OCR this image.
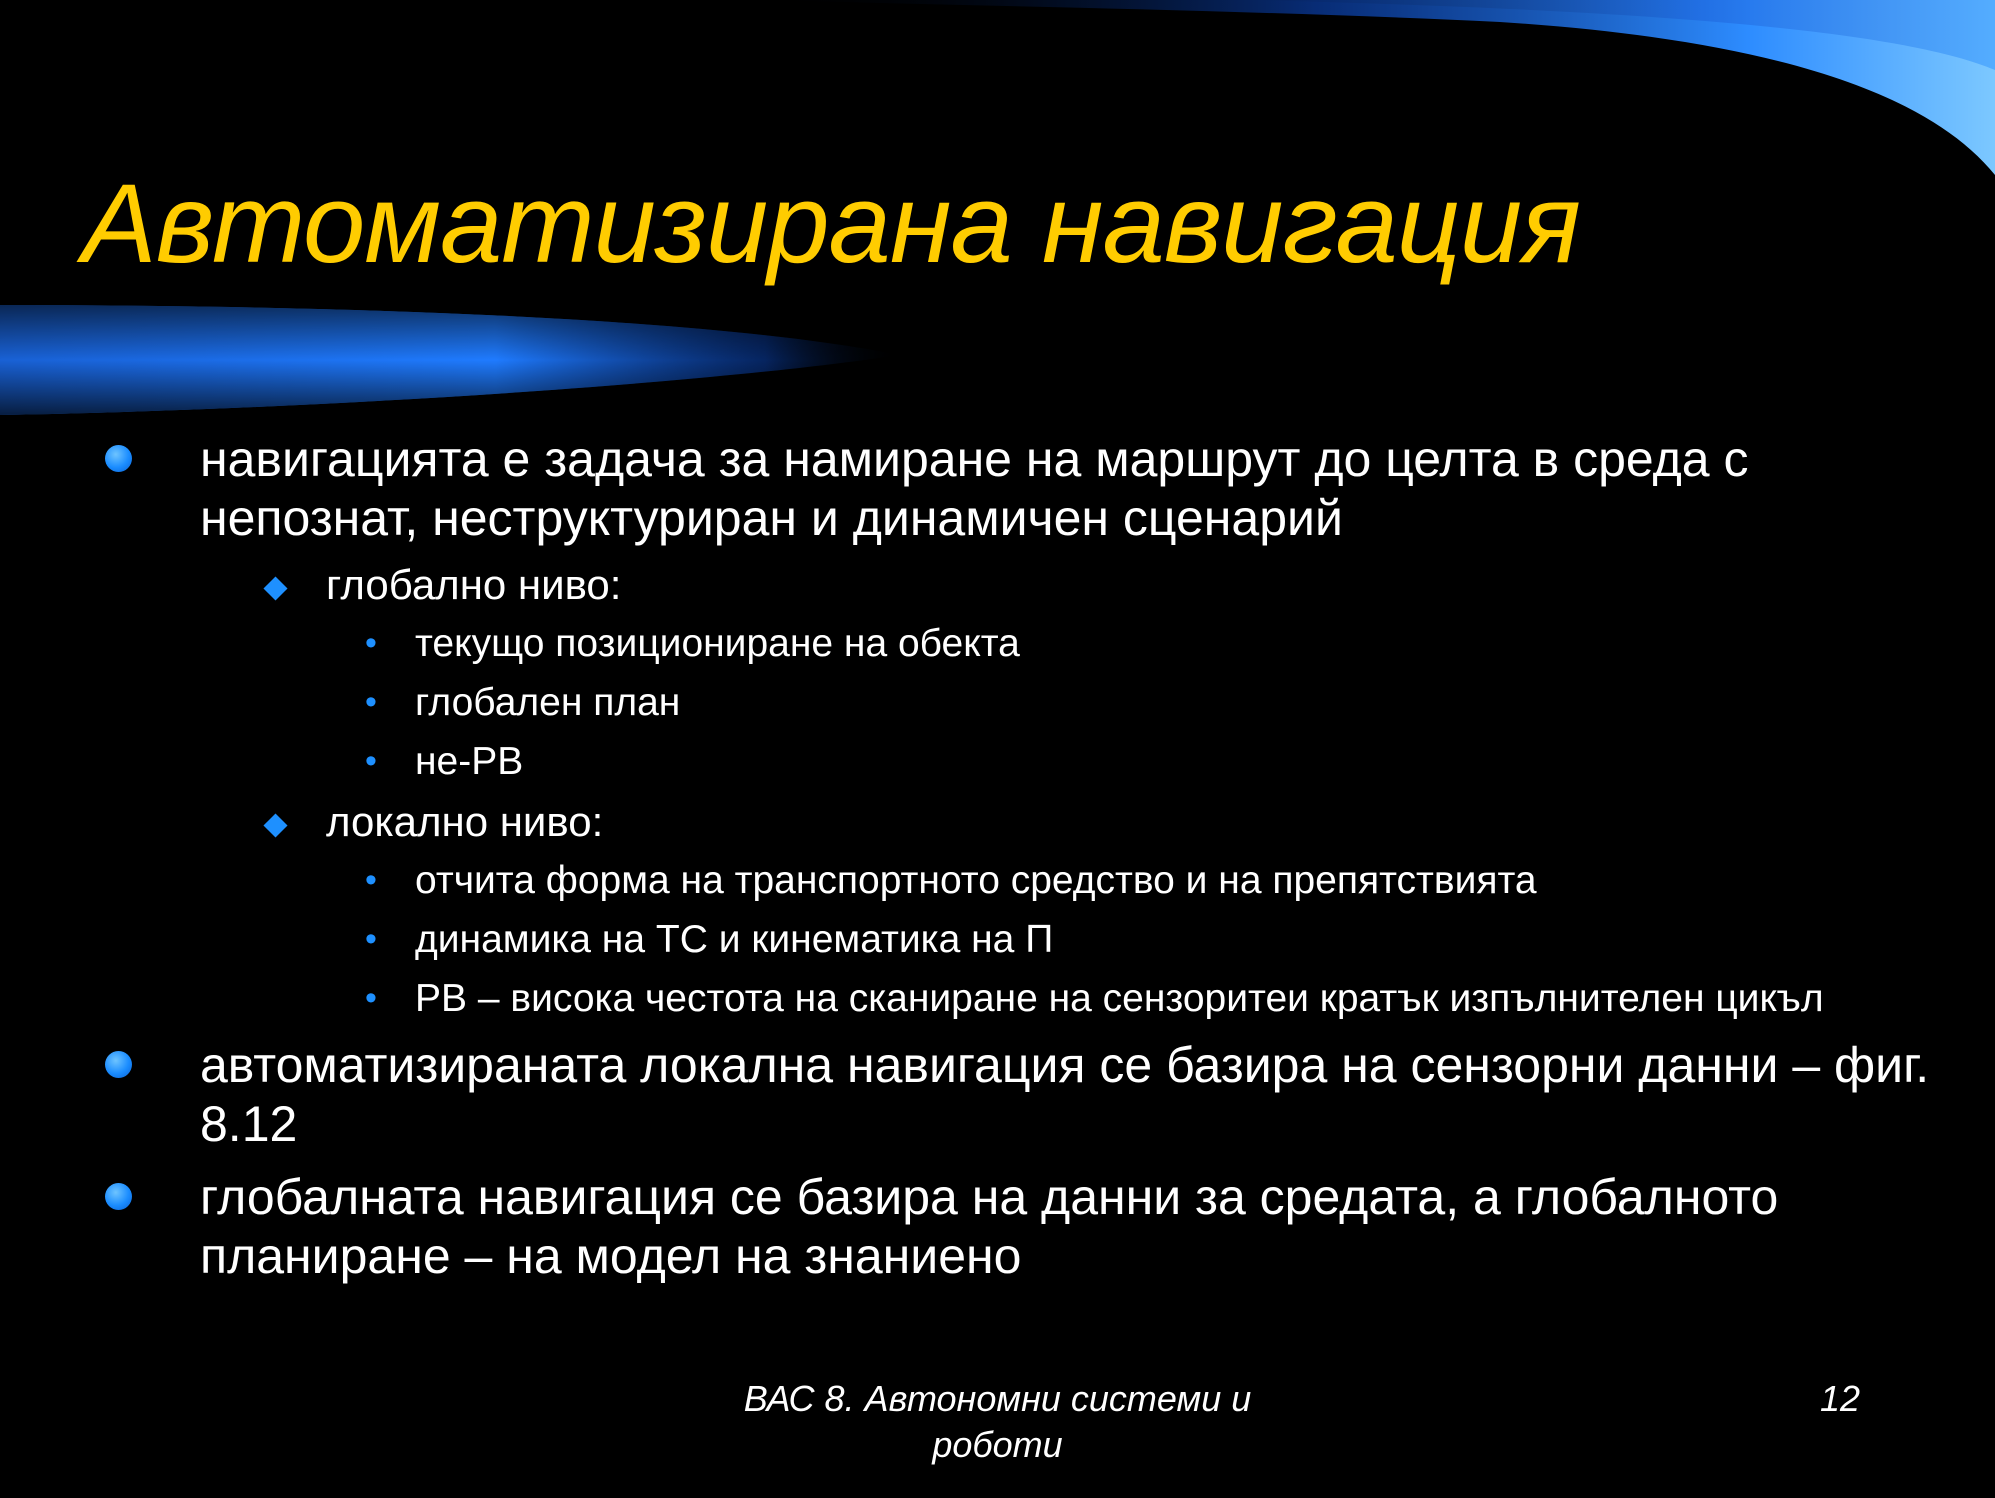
Автоматизирана навигация
навигацията е задача за намиране на маршрут до целта в среда с непознат, неструктуриран и динамичен сценарий
глобално ниво:
• текущо позициониране на обекта
• глобален план
• не-РВ
локално ниво:
• отчита форма на транспортното средство и на препятствията
• динамика на ТС и кинематика на П
• РВ – висока честота на сканиране на сензоритеи кратък изпълнителен цикъл
автоматизираната локална навигация се базира на сензорни данни – фиг. 8.12
глобалната навигация се базира на данни за средата, а глобалното планиране – на модел на знаниено
ВАС 8. Автономни системи и роботи
12
